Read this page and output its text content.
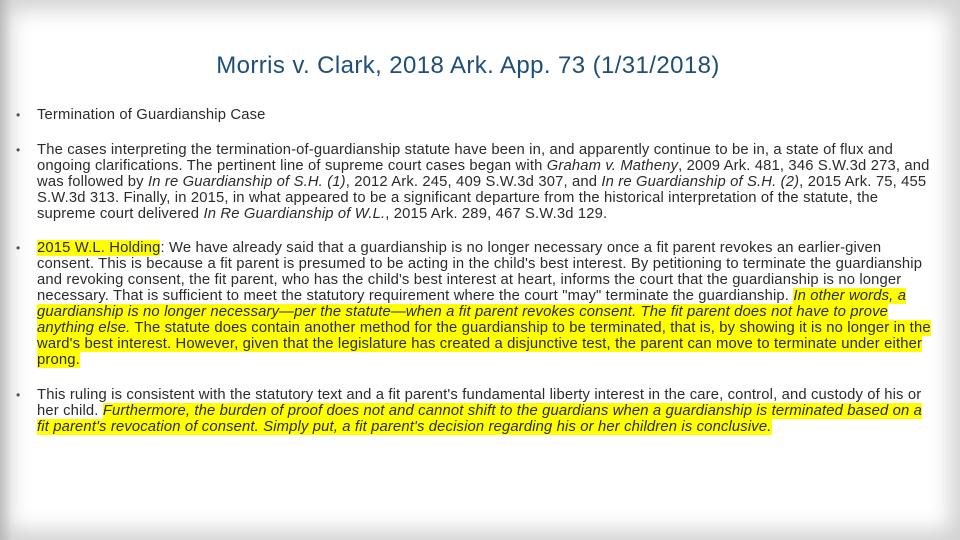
Morris v. Clark, 2018 Ark. App. 73 (1/31/2018)

• Termination of Guardianship Case

• The cases interpreting the termination-of-guardianship statute have been in, and apparently continue to be in, a state of flux and ongoing clarifications. The pertinent line of supreme court cases began with Graham v. Matheny, 2009 Ark. 481, 346 S.W.3d 273, and was followed by In re Guardianship of S.H. (1), 2012 Ark. 245, 409 S.W.3d 307, and In re Guardianship of S.H. (2), 2015 Ark. 75, 455 S.W.3d 313. Finally, in 2015, in what appeared to be a significant departure from the historical interpretation of the statute, the supreme court delivered In Re Guardianship of W.L., 2015 Ark. 289, 467 S.W.3d 129.

• 2015 W.L. Holding: We have already said that a guardianship is no longer necessary once a fit parent revokes an earlier-given consent. This is because a fit parent is presumed to be acting in the child's best interest. By petitioning to terminate the guardianship and revoking consent, the fit parent, who has the child's best interest at heart, informs the court that the guardianship is no longer necessary. That is sufficient to meet the statutory requirement where the court "may" terminate the guardianship. In other words, a guardianship is no longer necessary—per the statute—when a fit parent revokes consent. The fit parent does not have to prove anything else. The statute does contain another method for the guardianship to be terminated, that is, by showing it is no longer in the ward's best interest. However, given that the legislature has created a disjunctive test, the parent can move to terminate under either prong.

• This ruling is consistent with the statutory text and a fit parent's fundamental liberty interest in the care, control, and custody of his or her child. Furthermore, the burden of proof does not and cannot shift to the guardians when a guardianship is terminated based on a fit parent's revocation of consent. Simply put, a fit parent's decision regarding his or her children is conclusive.
